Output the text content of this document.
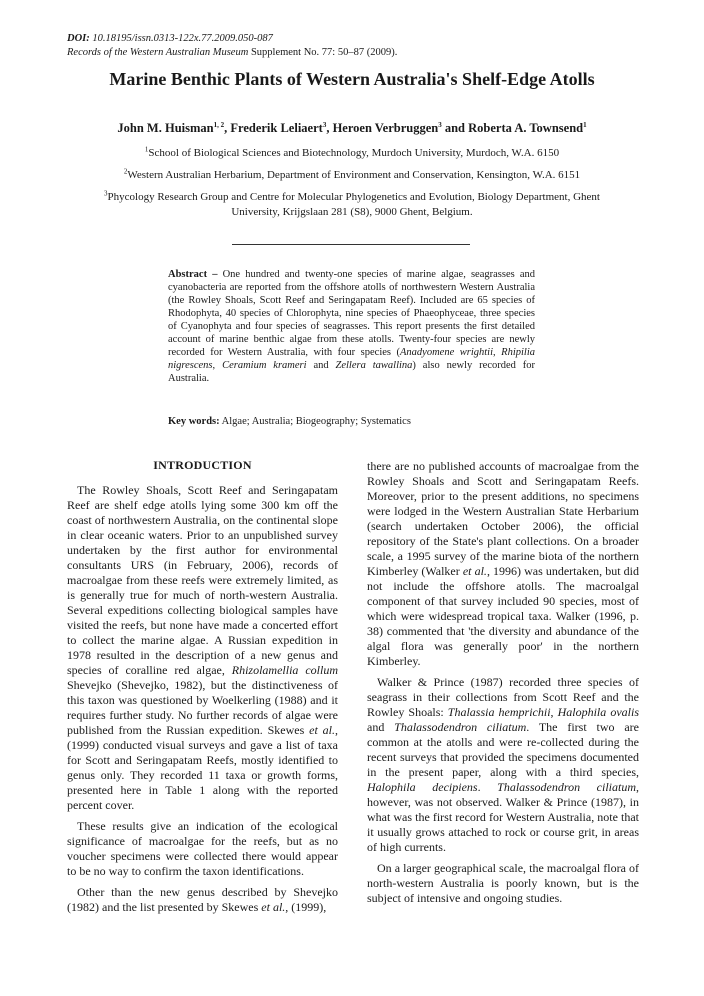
DOI: 10.18195/issn.0313-122x.77.2009.050-087
Records of the Western Australian Museum Supplement No. 77: 50–87 (2009).
Marine Benthic Plants of Western Australia's Shelf-Edge Atolls
John M. Huisman$^{1, 2}$, Frederik Leliaert$^3$, Heroen Verbruggen$^3$ and Roberta A. Townsend$^1$
$^1$School of Biological Sciences and Biotechnology, Murdoch University, Murdoch, W.A. 6150
$^2$Western Australian Herbarium, Department of Environment and Conservation, Kensington, W.A. 6151
$^3$Phycology Research Group and Centre for Molecular Phylogenetics and Evolution, Biology Department, Ghent University, Krijgslaan 281 (S8), 9000 Ghent, Belgium.
Abstract – One hundred and twenty-one species of marine algae, seagrasses and cyanobacteria are reported from the offshore atolls of northwestern Western Australia (the Rowley Shoals, Scott Reef and Seringapatam Reef). Included are 65 species of Rhodophyta, 40 species of Chlorophyta, nine species of Phaeophyceae, three species of Cyanophyta and four species of seagrasses. This report presents the first detailed account of marine benthic algae from these atolls. Twenty-four species are newly recorded for Western Australia, with four species (Anadyomene wrightii, Rhipilia nigrescens, Ceramium krameri and Zellera tawallina) also newly recorded for Australia.
Key words: Algae; Australia; Biogeography; Systematics
INTRODUCTION

The Rowley Shoals, Scott Reef and Seringapatam Reef are shelf edge atolls lying some 300 km off the coast of northwestern Australia, on the continental slope in clear oceanic waters. Prior to an unpublished survey undertaken by the first author for environmental consultants URS (in February, 2006), records of macroalgae from these reefs were extremely limited, as is generally true for much of north-western Australia. Several expeditions collecting biological samples have visited the reefs, but none have made a concerted effort to collect the marine algae. A Russian expedition in 1978 resulted in the description of a new genus and species of coralline red algae, Rhizolamellia collum Shevejko (Shevejko, 1982), but the distinctiveness of this taxon was questioned by Woelkerling (1988) and it requires further study. No further records of algae were published from the Russian expedition. Skewes et al., (1999) conducted visual surveys and gave a list of taxa for Scott and Seringapatam Reefs, mostly identified to genus only. They recorded 11 taxa or growth forms, presented here in Table 1 along with the reported percent cover.

These results give an indication of the ecological significance of macroalgae for the reefs, but as no voucher specimens were collected there would appear to be no way to confirm the taxon identifications.

Other than the new genus described by Shevejko (1982) and the list presented by Skewes et al., (1999),

there are no published accounts of macroalgae from the Rowley Shoals and Scott and Seringapatam Reefs. Moreover, prior to the present additions, no specimens were lodged in the Western Australian State Herbarium (search undertaken October 2006), the official repository of the State's plant collections. On a broader scale, a 1995 survey of the marine biota of the northern Kimberley (Walker et al., 1996) was undertaken, but did not include the offshore atolls. The macroalgal component of that survey included 90 species, most of which were widespread tropical taxa. Walker (1996, p. 38) commented that 'the diversity and abundance of the algal flora was generally poor' in the northern Kimberley.

Walker & Prince (1987) recorded three species of seagrass in their collections from Scott Reef and the Rowley Shoals: Thalassia hemprichii, Halophila ovalis and Thalassodendron ciliatum. The first two are common at the atolls and were re-collected during the recent surveys that provided the specimens documented in the present paper, along with a third species, Halophila decipiens. Thalassodendron ciliatum, however, was not observed. Walker & Prince (1987), in what was the first record for Western Australia, note that it usually grows attached to rock or course grit, in areas of high currents.

On a larger geographical scale, the macroalgal flora of north-western Australia is poorly known, but is the subject of intensive and ongoing studies.
